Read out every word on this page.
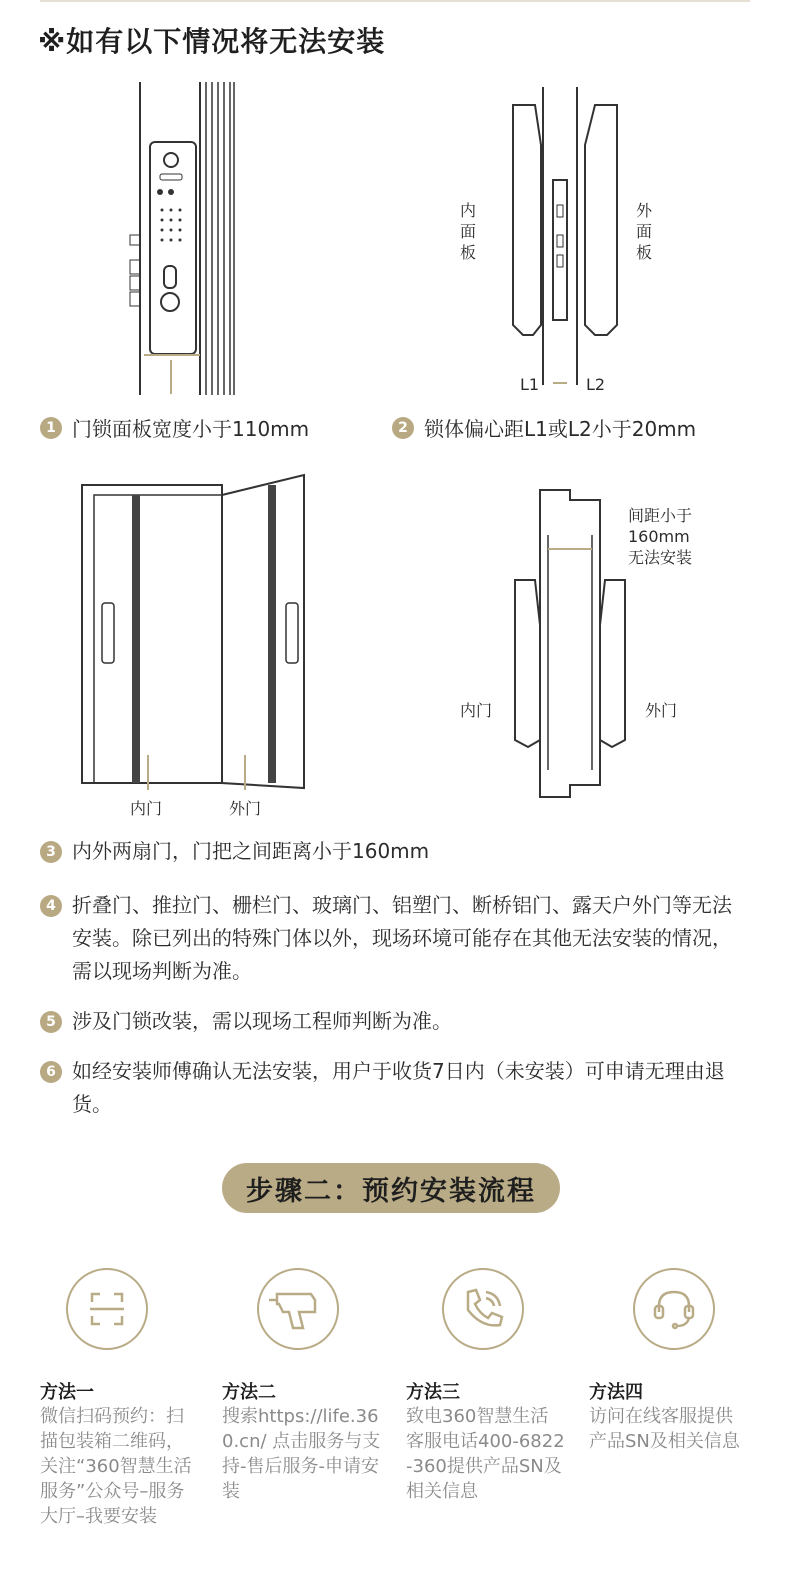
※如有以下情况将无法安装
1 门锁面板宽度小于110mm
内
面
板
外
面
板
L1	L2
2 锁体偏心距L1或L2小于20mm
内门	外门
间距小于
160mm
无法安装
内门	外门
3 内外两扇门，门把之间距离小于160mm
4 折叠门、推拉门、栅栏门、玻璃门、铝塑门、断桥铝门、露天户外门等无法安装。除已列出的特殊门体以外，现场环境可能存在其他无法安装的情况，需以现场判断为准。
5 涉及门锁改装，需以现场工程师判断为准。
6 如经安装师傅确认无法安装，用户于收货7日内（未安装）可申请无理由退货。
步骤二：预约安装流程
方法一
微信扫码预约：扫描包装箱二维码，关注“360智慧生活服务”公众号–服务大厅–我要安装
方法二
搜索https://life.360.cn/ 点击服务与支持-售后服务-申请安装
方法三
致电360智慧生活客服电话400-6822-360提供产品SN及相关信息
方法四
访问在线客服提供产品SN及相关信息
